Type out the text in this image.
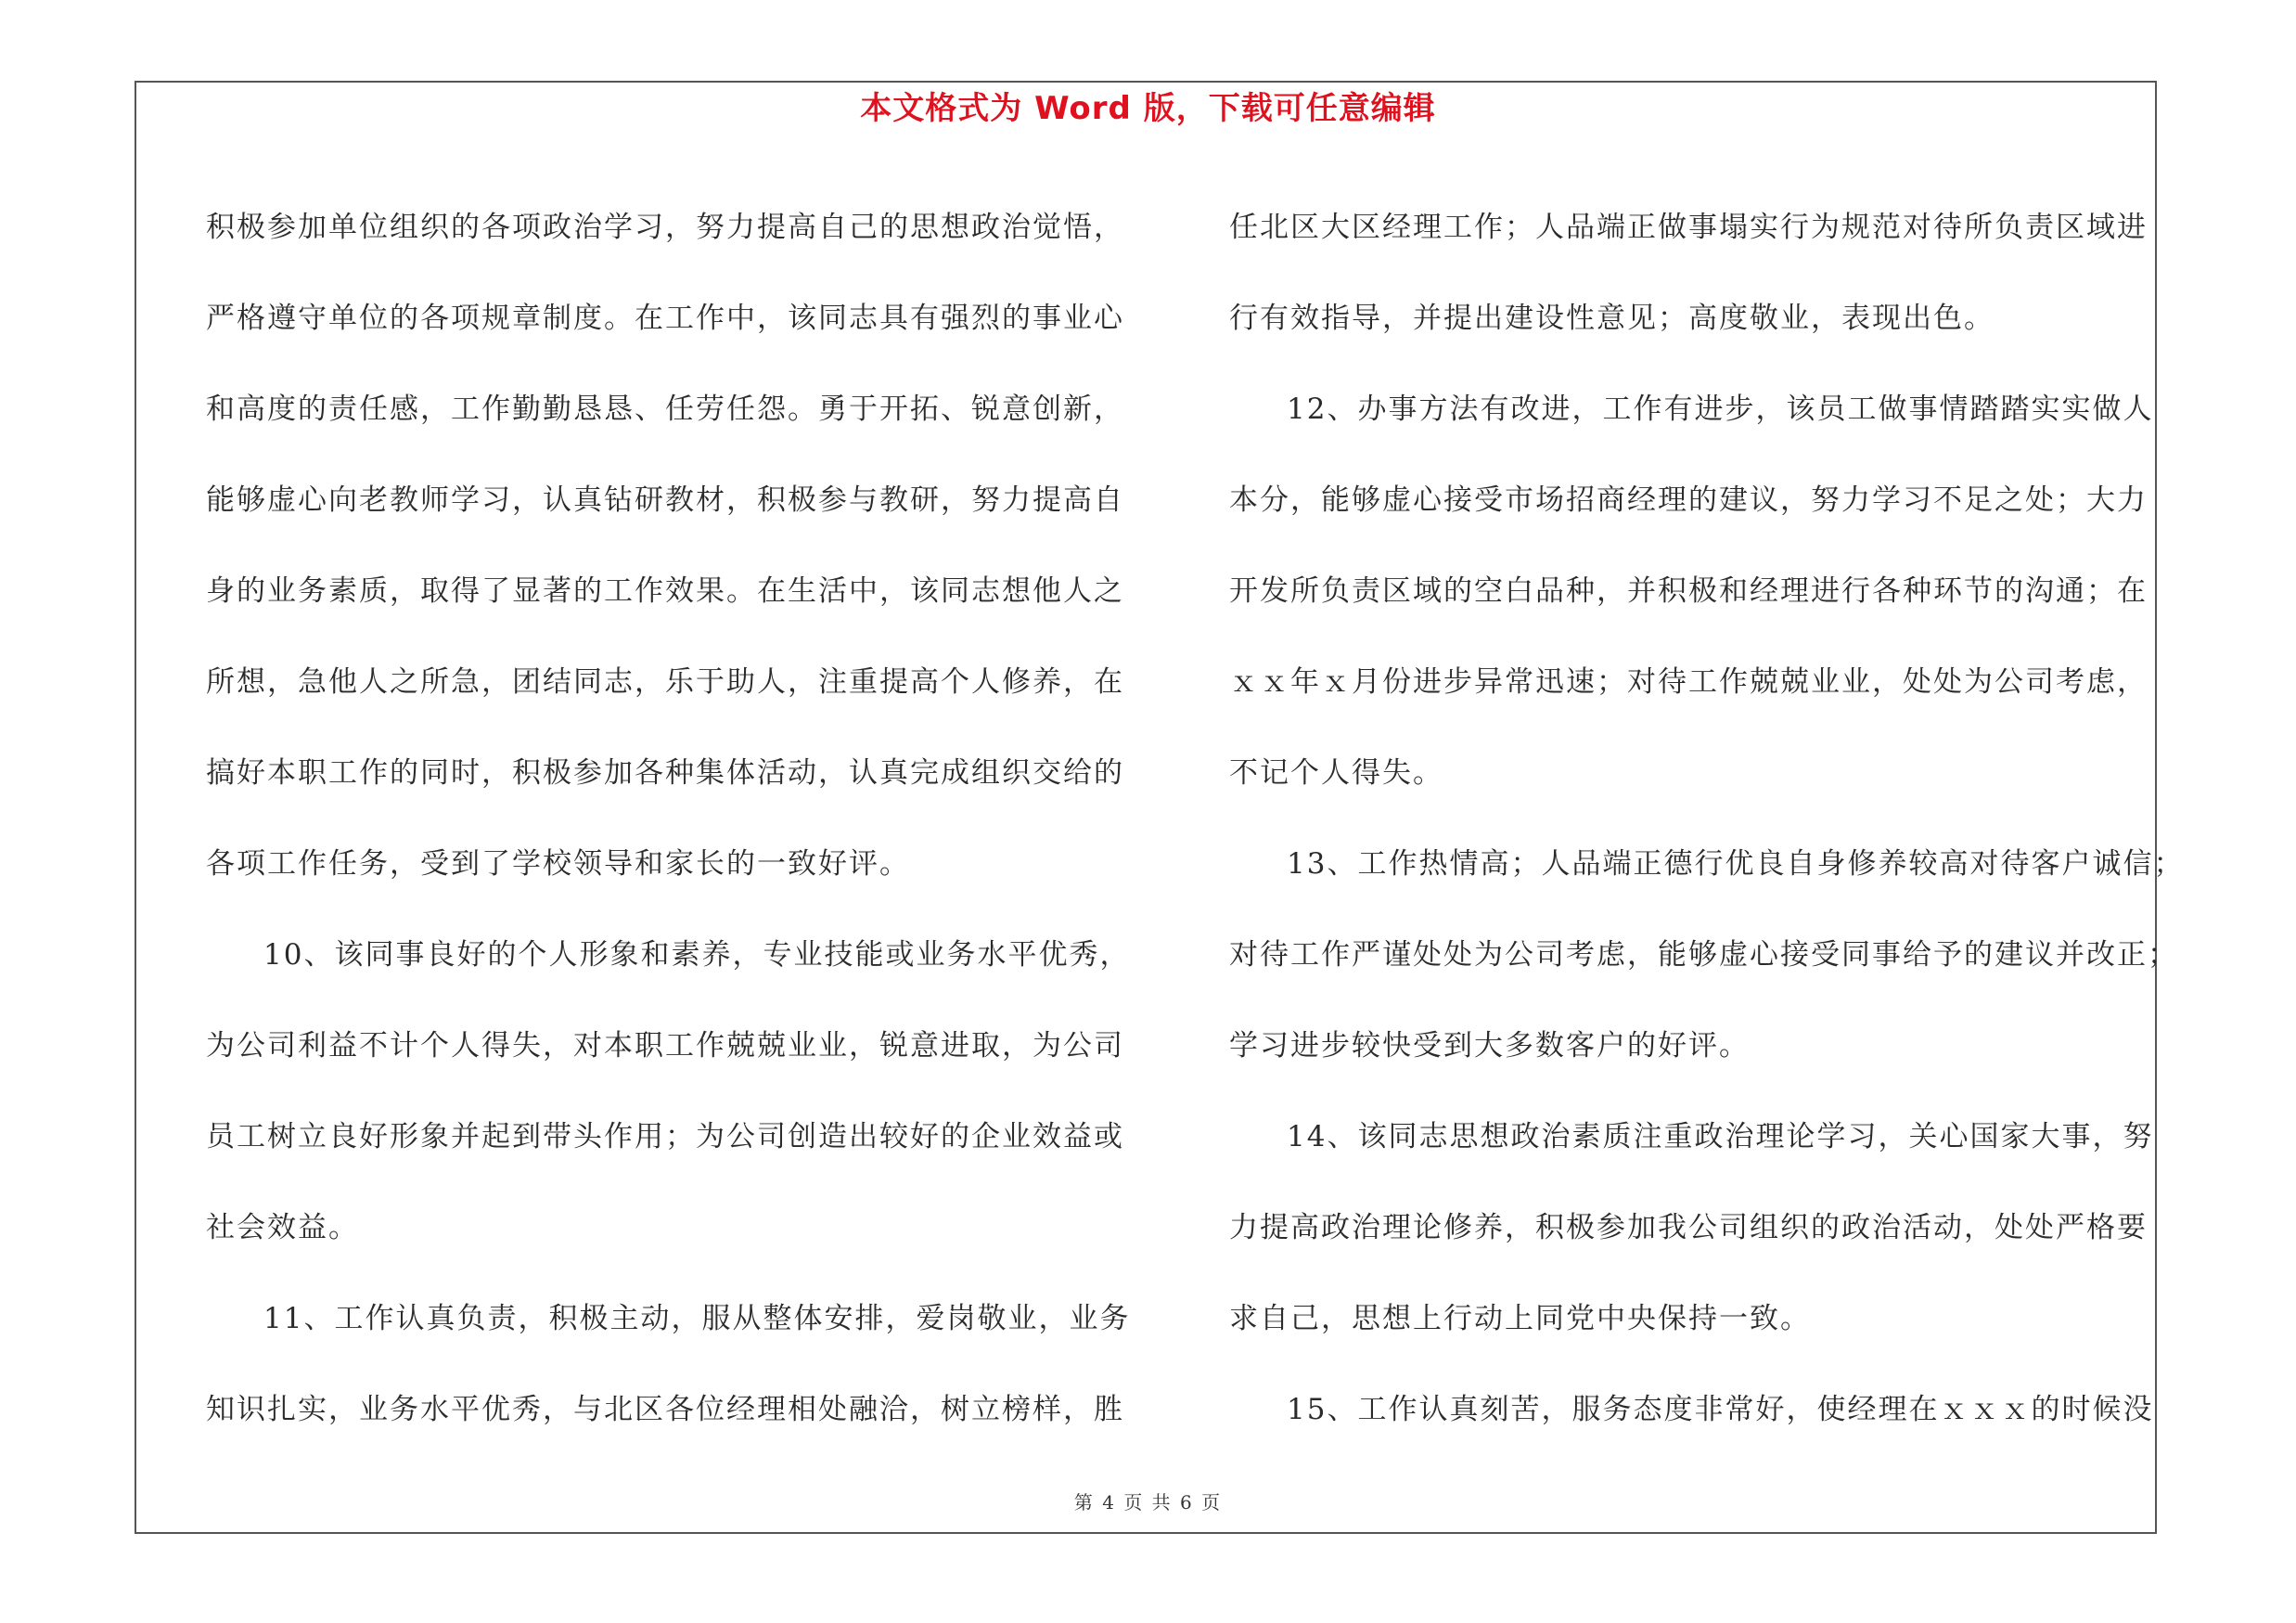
本文格式为 Word 版，下载可任意编辑
积极参加单位组织的各项政治学习，努力提高自己的思想政治觉悟，
严格遵守单位的各项规章制度。在工作中，该同志具有强烈的事业心
和高度的责任感，工作勤勤恳恳、任劳任怨。勇于开拓、锐意创新，
能够虚心向老教师学习，认真钻研教材，积极参与教研，努力提高自
身的业务素质，取得了显著的工作效果。在生活中，该同志想他人之
所想，急他人之所急，团结同志，乐于助人，注重提高个人修养，在
搞好本职工作的同时，积极参加各种集体活动，认真完成组织交给的
各项工作任务，受到了学校领导和家长的一致好评。
10、该同事良好的个人形象和素养，专业技能或业务水平优秀，
为公司利益不计个人得失，对本职工作兢兢业业，锐意进取，为公司
员工树立良好形象并起到带头作用；为公司创造出较好的企业效益或
社会效益。
11、工作认真负责，积极主动，服从整体安排，爱岗敬业，业务
知识扎实，业务水平优秀，与北区各位经理相处融洽，树立榜样，胜
任北区大区经理工作；人品端正做事塌实行为规范对待所负责区域进
行有效指导，并提出建设性意见；高度敬业，表现出色。
12、办事方法有改进，工作有进步，该员工做事情踏踏实实做人
本分，能够虚心接受市场招商经理的建议，努力学习不足之处；大力
开发所负责区域的空白品种，并积极和经理进行各种环节的沟通；在
ｘｘ年ｘ月份进步异常迅速；对待工作兢兢业业，处处为公司考虑，
不记个人得失。
13、工作热情高；人品端正德行优良自身修养较高对待客户诚信；
对待工作严谨处处为公司考虑，能够虚心接受同事给予的建议并改正；
学习进步较快受到大多数客户的好评。
14、该同志思想政治素质注重政治理论学习，关心国家大事，努
力提高政治理论修养，积极参加我公司组织的政治活动，处处严格要
求自己，思想上行动上同党中央保持一致。
15、工作认真刻苦，服务态度非常好，使经理在ｘｘｘ的时候没
第 4 页 共 6 页
